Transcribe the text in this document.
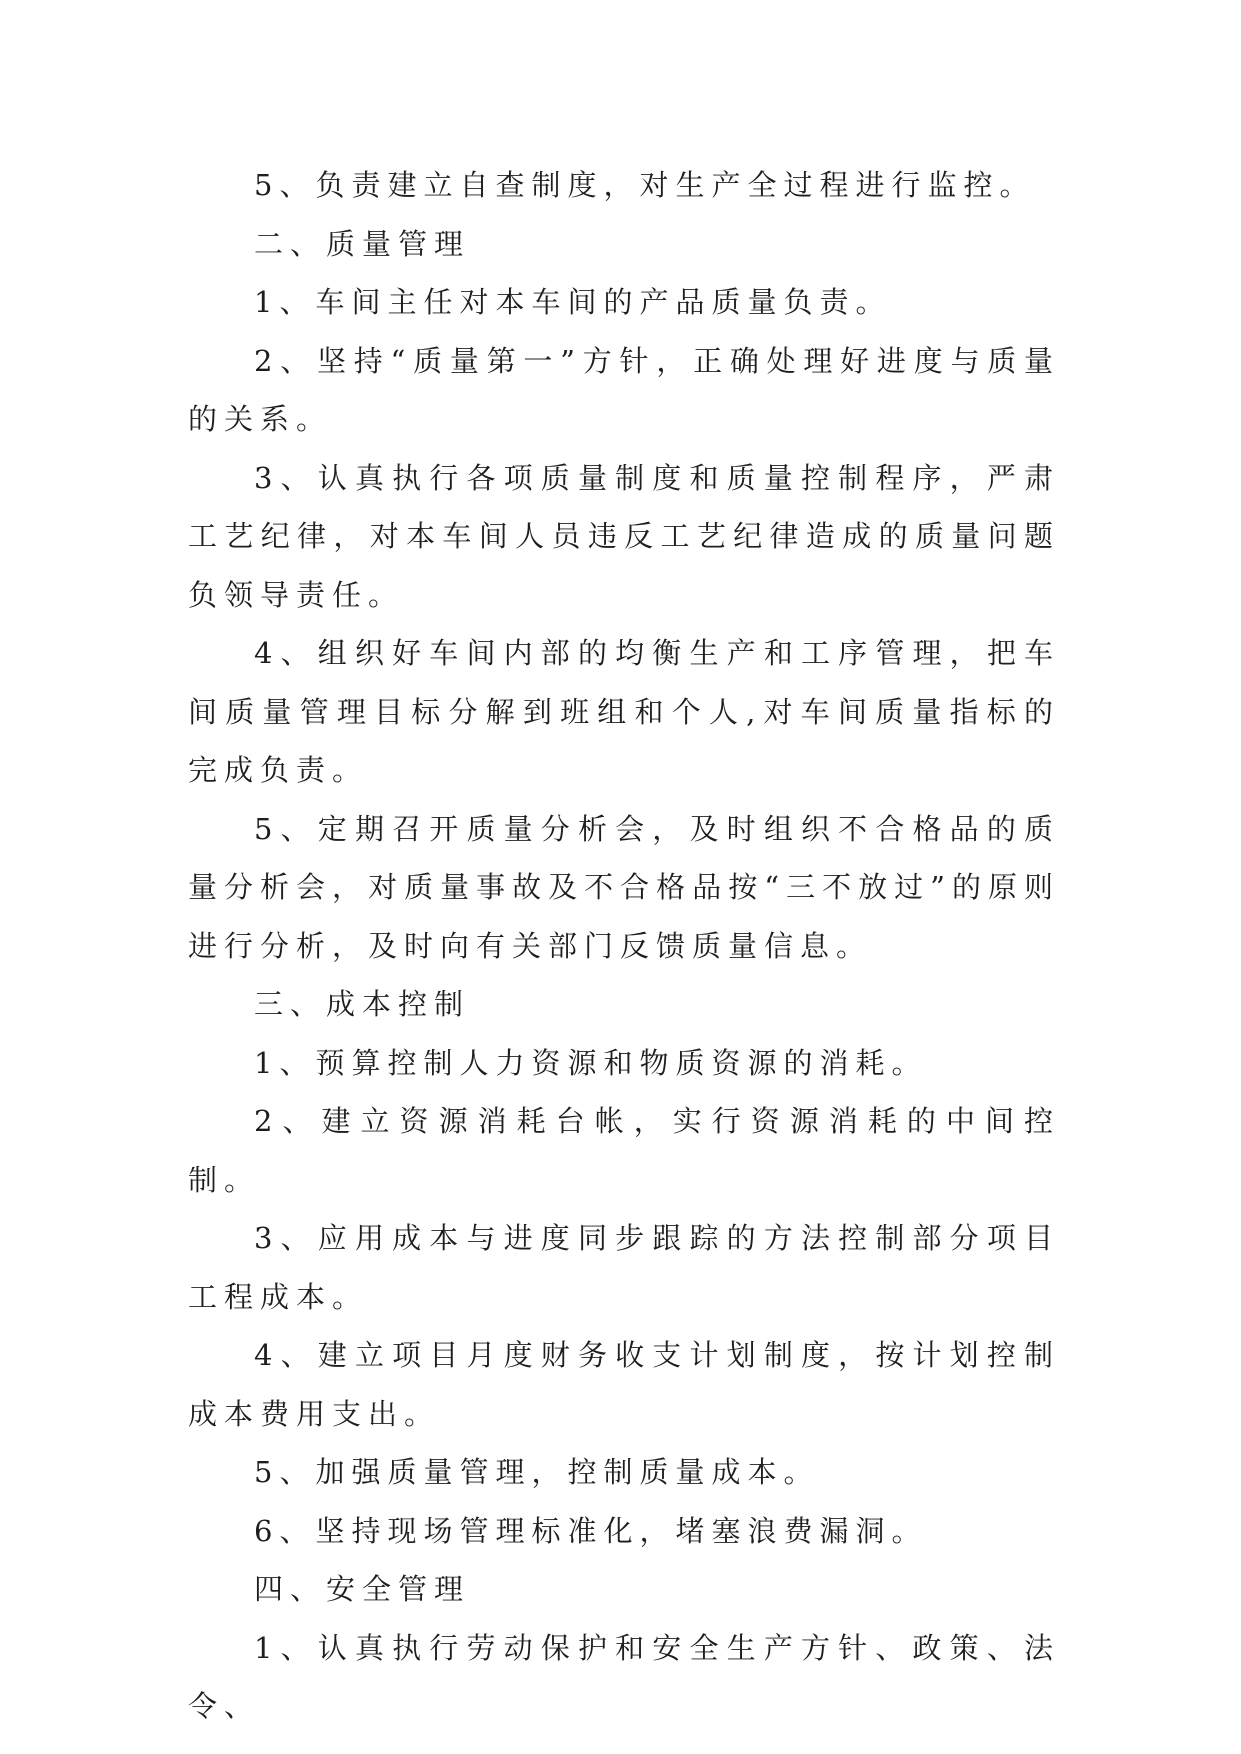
5、负责建立自查制度，对生产全过程进行监控。

二、质量管理

1、车间主任对本车间的产品质量负责。

2、坚持“质量第一”方针，正确处理好进度与质量的关系。

3、认真执行各项质量制度和质量控制程序，严肃工艺纪律，对本车间人员违反工艺纪律造成的质量问题负领导责任。

4、组织好车间内部的均衡生产和工序管理，把车间质量管理目标分解到班组和个人,对车间质量指标的完成负责。

5、定期召开质量分析会，及时组织不合格品的质量分析会，对质量事故及不合格品按“三不放过”的原则进行分析，及时向有关部门反馈质量信息。

三、成本控制

1、预算控制人力资源和物质资源的消耗。

2、建立资源消耗台帐，实行资源消耗的中间控制。

3、应用成本与进度同步跟踪的方法控制部分项目工程成本。

4、建立项目月度财务收支计划制度，按计划控制成本费用支出。

5、加强质量管理，控制质量成本。

6、坚持现场管理标准化，堵塞浪费漏洞。

四、安全管理

1、认真执行劳动保护和安全生产方针、政策、法令、
